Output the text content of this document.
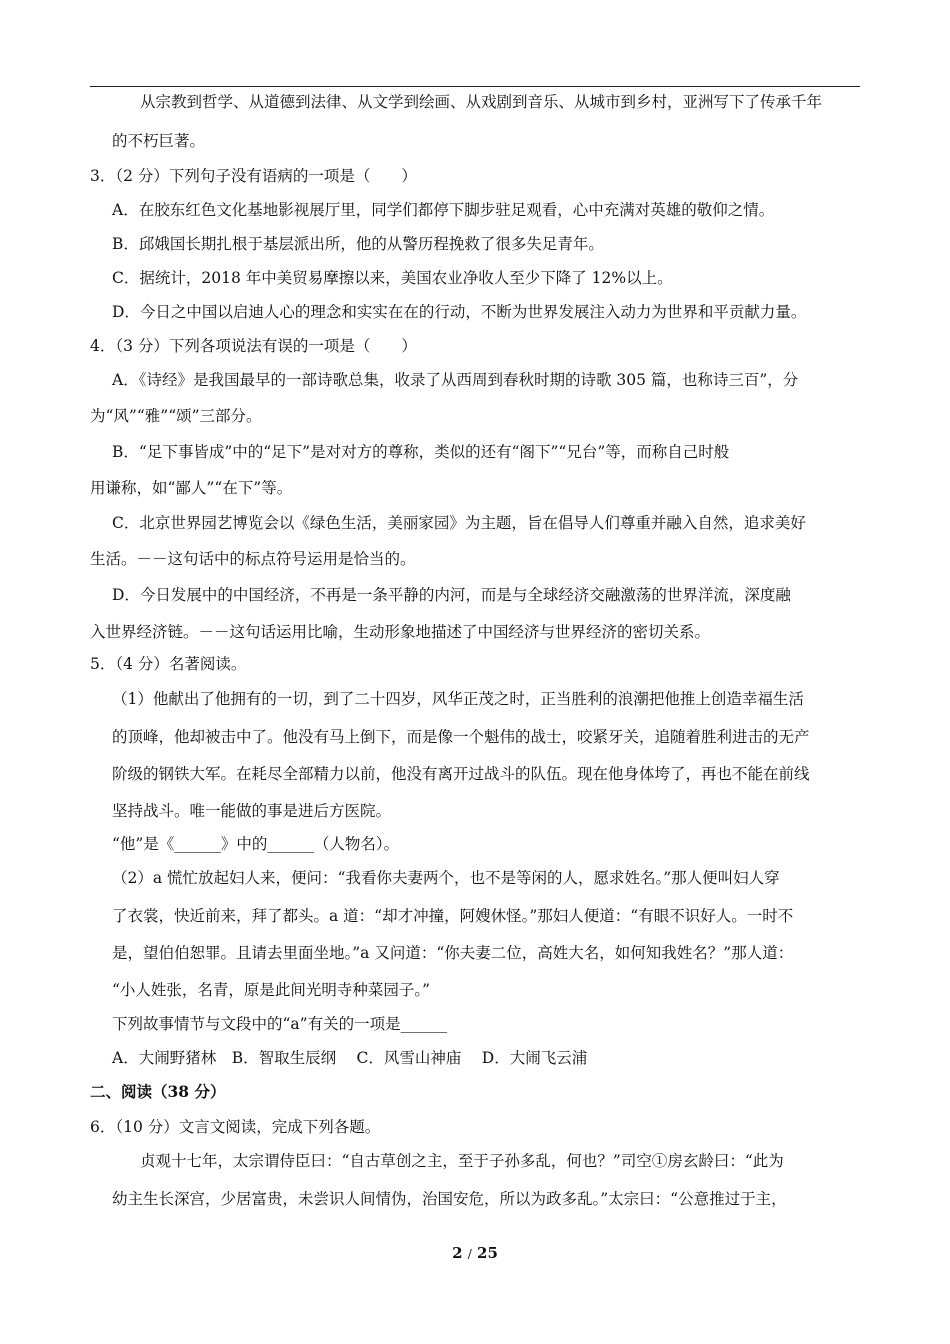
从宗教到哲学、从道德到法律、从文学到绘画、从戏剧到音乐、从城市到乡村，亚洲写下了传承千年
的不朽巨著。
3．（2 分）下列句子没有语病的一项是（　　）
A．在胶东红色文化基地影视展厅里，同学们都停下脚步驻足观看，心中充满对英雄的敬仰之情。
B．邱娥国长期扎根于基层派出所，他的从警历程挽救了很多失足青年。
C．据统计，2018 年中美贸易摩擦以来，美国农业净收人至少下降了 12%以上。
D．今日之中国以启迪人心的理念和实实在在的行动，不断为世界发展注入动力为世界和平贡献力量。
4．（3 分）下列各项说法有误的一项是（　　）
A．《诗经》是我国最早的一部诗歌总集，收录了从西周到春秋时期的诗歌 305 篇，也称诗三百”，分
为“风”“雅”“颂”三部分。
B．“足下事皆成”中的“足下”是对对方的尊称，类似的还有“阁下”“兄台”等，而称自己时般
用谦称，如“鄙人”“在下”等。
C．北京世界园艺博览会以《绿色生活，美丽家园》为主题，旨在倡导人们尊重并融入自然，追求美好
生活。－－这句话中的标点符号运用是恰当的。
D．今日发展中的中国经济，不再是一条平静的内河，而是与全球经济交融激荡的世界洋流，深度融
入世界经济链。－－这句话运用比喻，生动形象地描述了中国经济与世界经济的密切关系。
5．（4 分）名著阅读。
（1）他献出了他拥有的一切，到了二十四岁，风华正茂之时，正当胜利的浪潮把他推上创造幸福生活
的顶峰，他却被击中了。他没有马上倒下，而是像一个魁伟的战士，咬紧牙关，追随着胜利进击的无产
阶级的钢铁大军。在耗尽全部精力以前，他没有离开过战斗的队伍。现在他身体垮了，再也不能在前线
坚持战斗。唯一能做的事是进后方医院。
“他”是《______》中的______（人物名）。
（2）a 慌忙放起妇人来，便问：“我看你夫妻两个，也不是等闲的人，愿求姓名。”那人便叫妇人穿
了衣裳，快近前来，拜了都头。a 道：“却才冲撞，阿嫂休怪。”那妇人便道：“有眼不识好人。一时不
是，望伯伯恕罪。且请去里面坐地。”a 又问道：“你夫妻二位，高姓大名，如何知我姓名？”那人道：
“小人姓张，名青，原是此间光明寺种菜园子。”
下列故事情节与文段中的“a”有关的一项是______
A．大闹野猪林　B．智取生辰纲　 C．风雪山神庙　 D．大闹飞云浦
二、阅读（38 分）
6．（10 分）文言文阅读，完成下列各题。
贞观十七年，太宗谓侍臣曰：“自古草创之主，至于子孙多乱，何也？”司空①房玄龄曰：“此为
幼主生长深宫，少居富贵，未尝识人间情伪，治国安危，所以为政多乱。”太宗曰：“公意推过于主，
2 / 25
